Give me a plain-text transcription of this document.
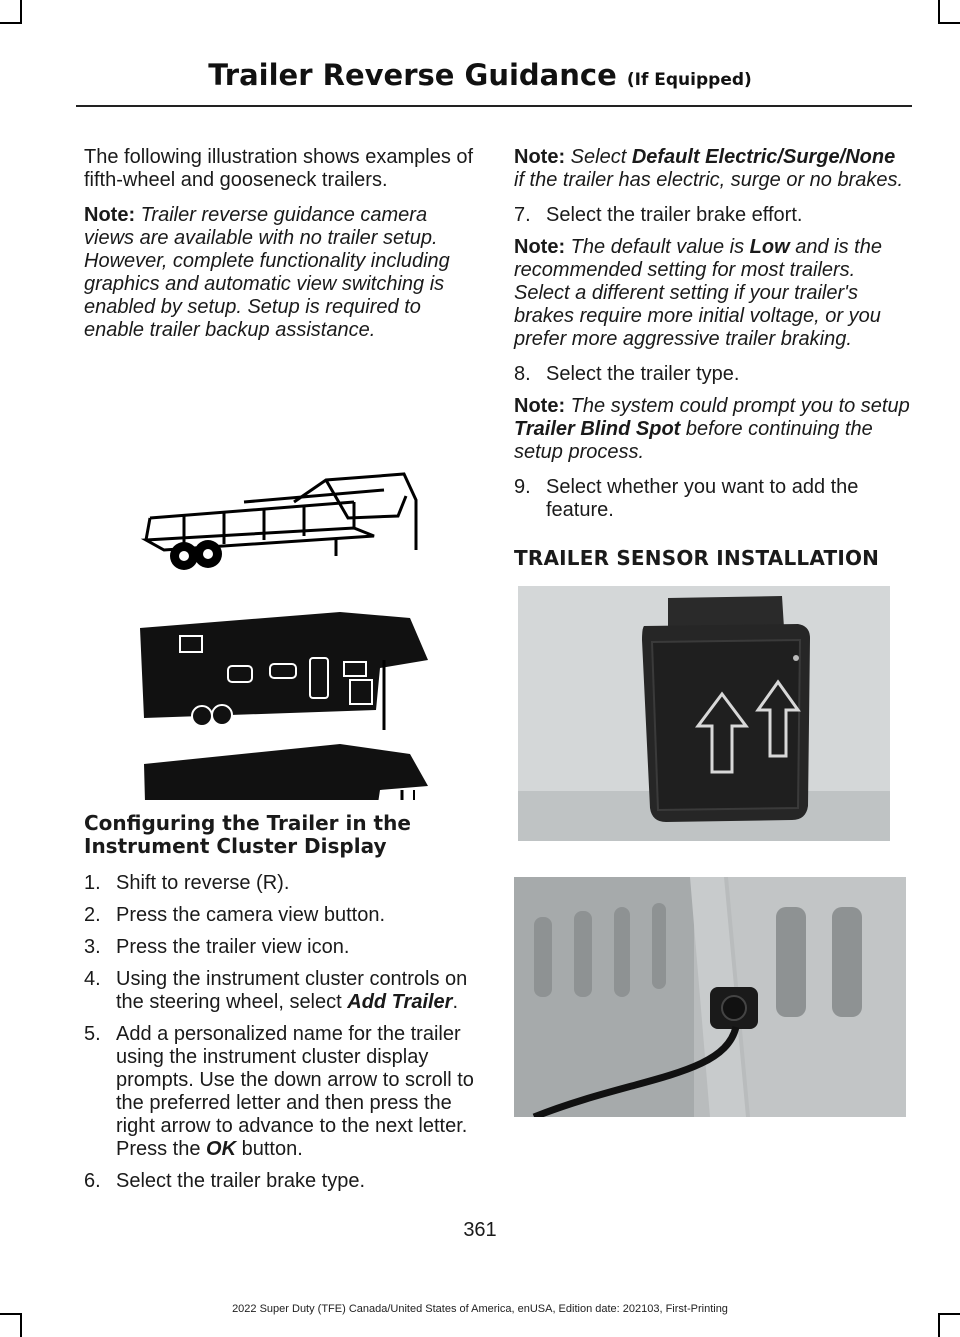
Trailer Reverse Guidance (If Equipped)

The following illustration shows examples of fifth-wheel and gooseneck trailers.

Note: Trailer reverse guidance camera views are available with no trailer setup. However, complete functionality including graphics and automatic view switching is enabled by setup. Setup is required to enable trailer backup assistance.

Configuring the Trailer in the Instrument Cluster Display
1. Shift to reverse (R).
2. Press the camera view button.
3. Press the trailer view icon.
4. Using the instrument cluster controls on the steering wheel, select Add Trailer.
5. Add a personalized name for the trailer using the instrument cluster display prompts. Use the down arrow to scroll to the preferred letter and then press the right arrow to advance to the next letter. Press the OK button.
6. Select the trailer brake type.

Note: Select Default Electric/Surge/None if the trailer has electric, surge or no brakes.

7. Select the trailer brake effort.

Note: The default value is Low and is the recommended setting for most trailers. Select a different setting if your trailer's brakes require more initial voltage, or you prefer more aggressive trailer braking.

8. Select the trailer type.

Note: The system could prompt you to setup Trailer Blind Spot before continuing the setup process.

9. Select whether you want to add the feature.
TRAILER SENSOR INSTALLATION
361
2022 Super Duty (TFE) Canada/United States of America, enUSA, Edition date: 202103, First-Printing
